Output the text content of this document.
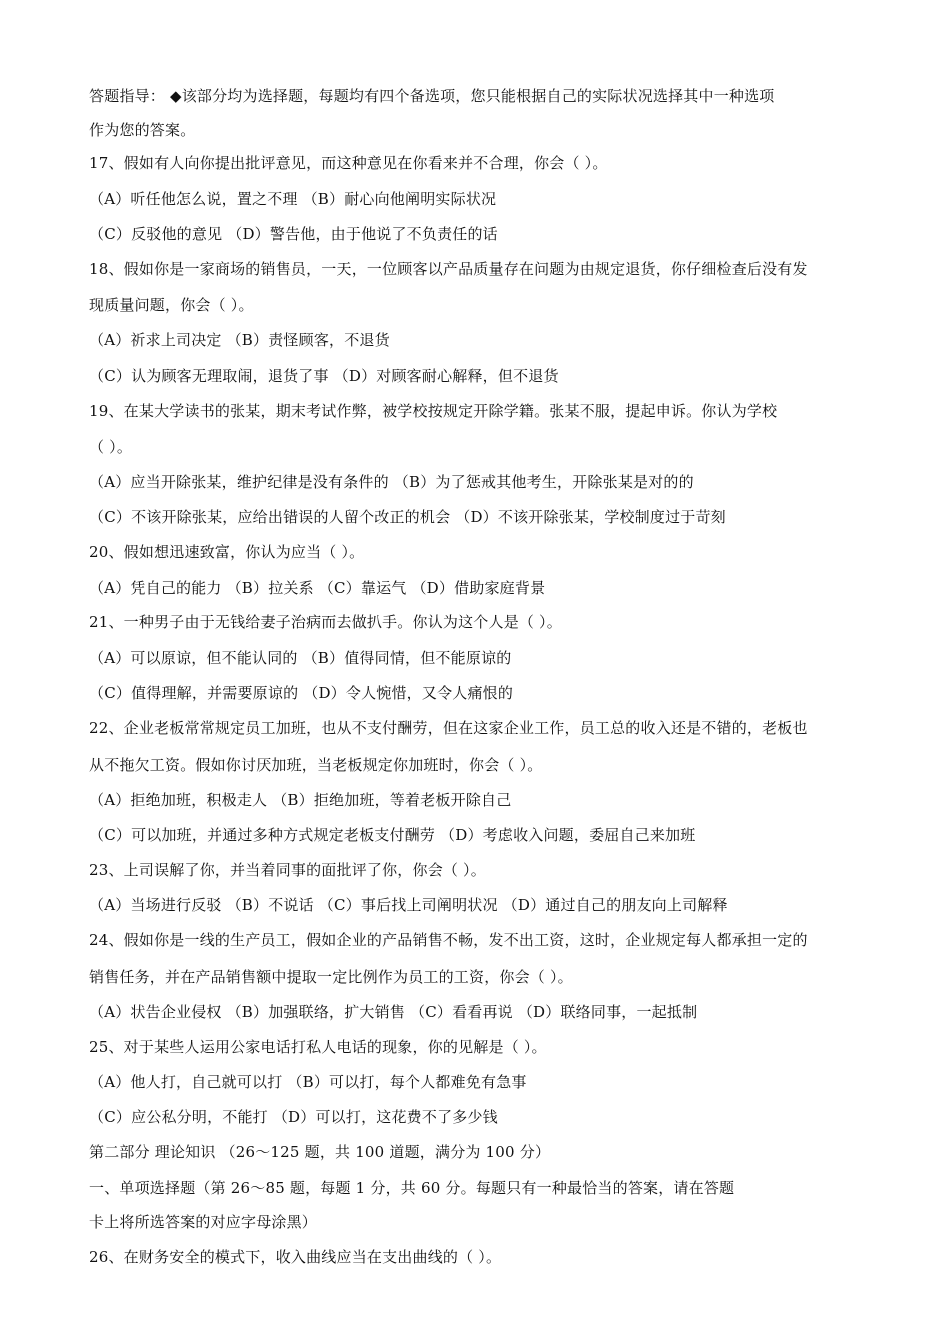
答题指导： ◆该部分均为选择题，每题均有四个备选项，您只能根据自己的实际状况选择其中一种选项
作为您的答案。
17、假如有人向你提出批评意见，而这种意见在你看来并不合理，你会（ ）。
（A）听任他怎么说，置之不理 （B）耐心向他阐明实际状况
（C）反驳他的意见 （D）警告他，由于他说了不负责任的话
18、假如你是一家商场的销售员，一天，一位顾客以产品质量存在问题为由规定退货，你仔细检查后没有发
现质量问题，你会（ ）。
（A）祈求上司决定 （B）责怪顾客，不退货
（C）认为顾客无理取闹，退货了事 （D）对顾客耐心解释，但不退货
19、在某大学读书的张某，期末考试作弊，被学校按规定开除学籍。张某不服，提起申诉。你认为学校
（ ）。
（A）应当开除张某，维护纪律是没有条件的 （B）为了惩戒其他考生，开除张某是对的的
（C）不该开除张某，应给出错误的人留个改正的机会 （D）不该开除张某，学校制度过于苛刻
20、假如想迅速致富，你认为应当（ ）。
（A）凭自己的能力 （B）拉关系 （C）靠运气 （D）借助家庭背景
21、一种男子由于无钱给妻子治病而去做扒手。你认为这个人是（ ）。
（A）可以原谅，但不能认同的 （B）值得同情，但不能原谅的
（C）值得理解，并需要原谅的 （D）令人惋惜，又令人痛恨的
22、企业老板常常规定员工加班，也从不支付酬劳，但在这家企业工作，员工总的收入还是不错的，老板也
从不拖欠工资。假如你讨厌加班，当老板规定你加班时，你会（ ）。
（A）拒绝加班，积极走人 （B）拒绝加班，等着老板开除自己
（C）可以加班，并通过多种方式规定老板支付酬劳 （D）考虑收入问题，委屈自己来加班
23、上司误解了你，并当着同事的面批评了你，你会（ ）。
（A）当场进行反驳 （B）不说话 （C）事后找上司阐明状况 （D）通过自己的朋友向上司解释
24、假如你是一线的生产员工，假如企业的产品销售不畅，发不出工资，这时，企业规定每人都承担一定的
销售任务，并在产品销售额中提取一定比例作为员工的工资，你会（ ）。
（A）状告企业侵权 （B）加强联络，扩大销售 （C）看看再说 （D）联络同事，一起抵制
25、对于某些人运用公家电话打私人电话的现象，你的见解是（ ）。
（A）他人打，自己就可以打 （B）可以打，每个人都难免有急事
（C）应公私分明，不能打 （D）可以打，这花费不了多少钱
第二部分 理论知识 （26～125 题，共 100 道题，满分为 100 分）
一、单项选择题（第 26～85 题，每题 1 分，共 60 分。每题只有一种最恰当的答案，请在答题
卡上将所选答案的对应字母涂黑）
26、在财务安全的模式下，收入曲线应当在支出曲线的（ ）。
